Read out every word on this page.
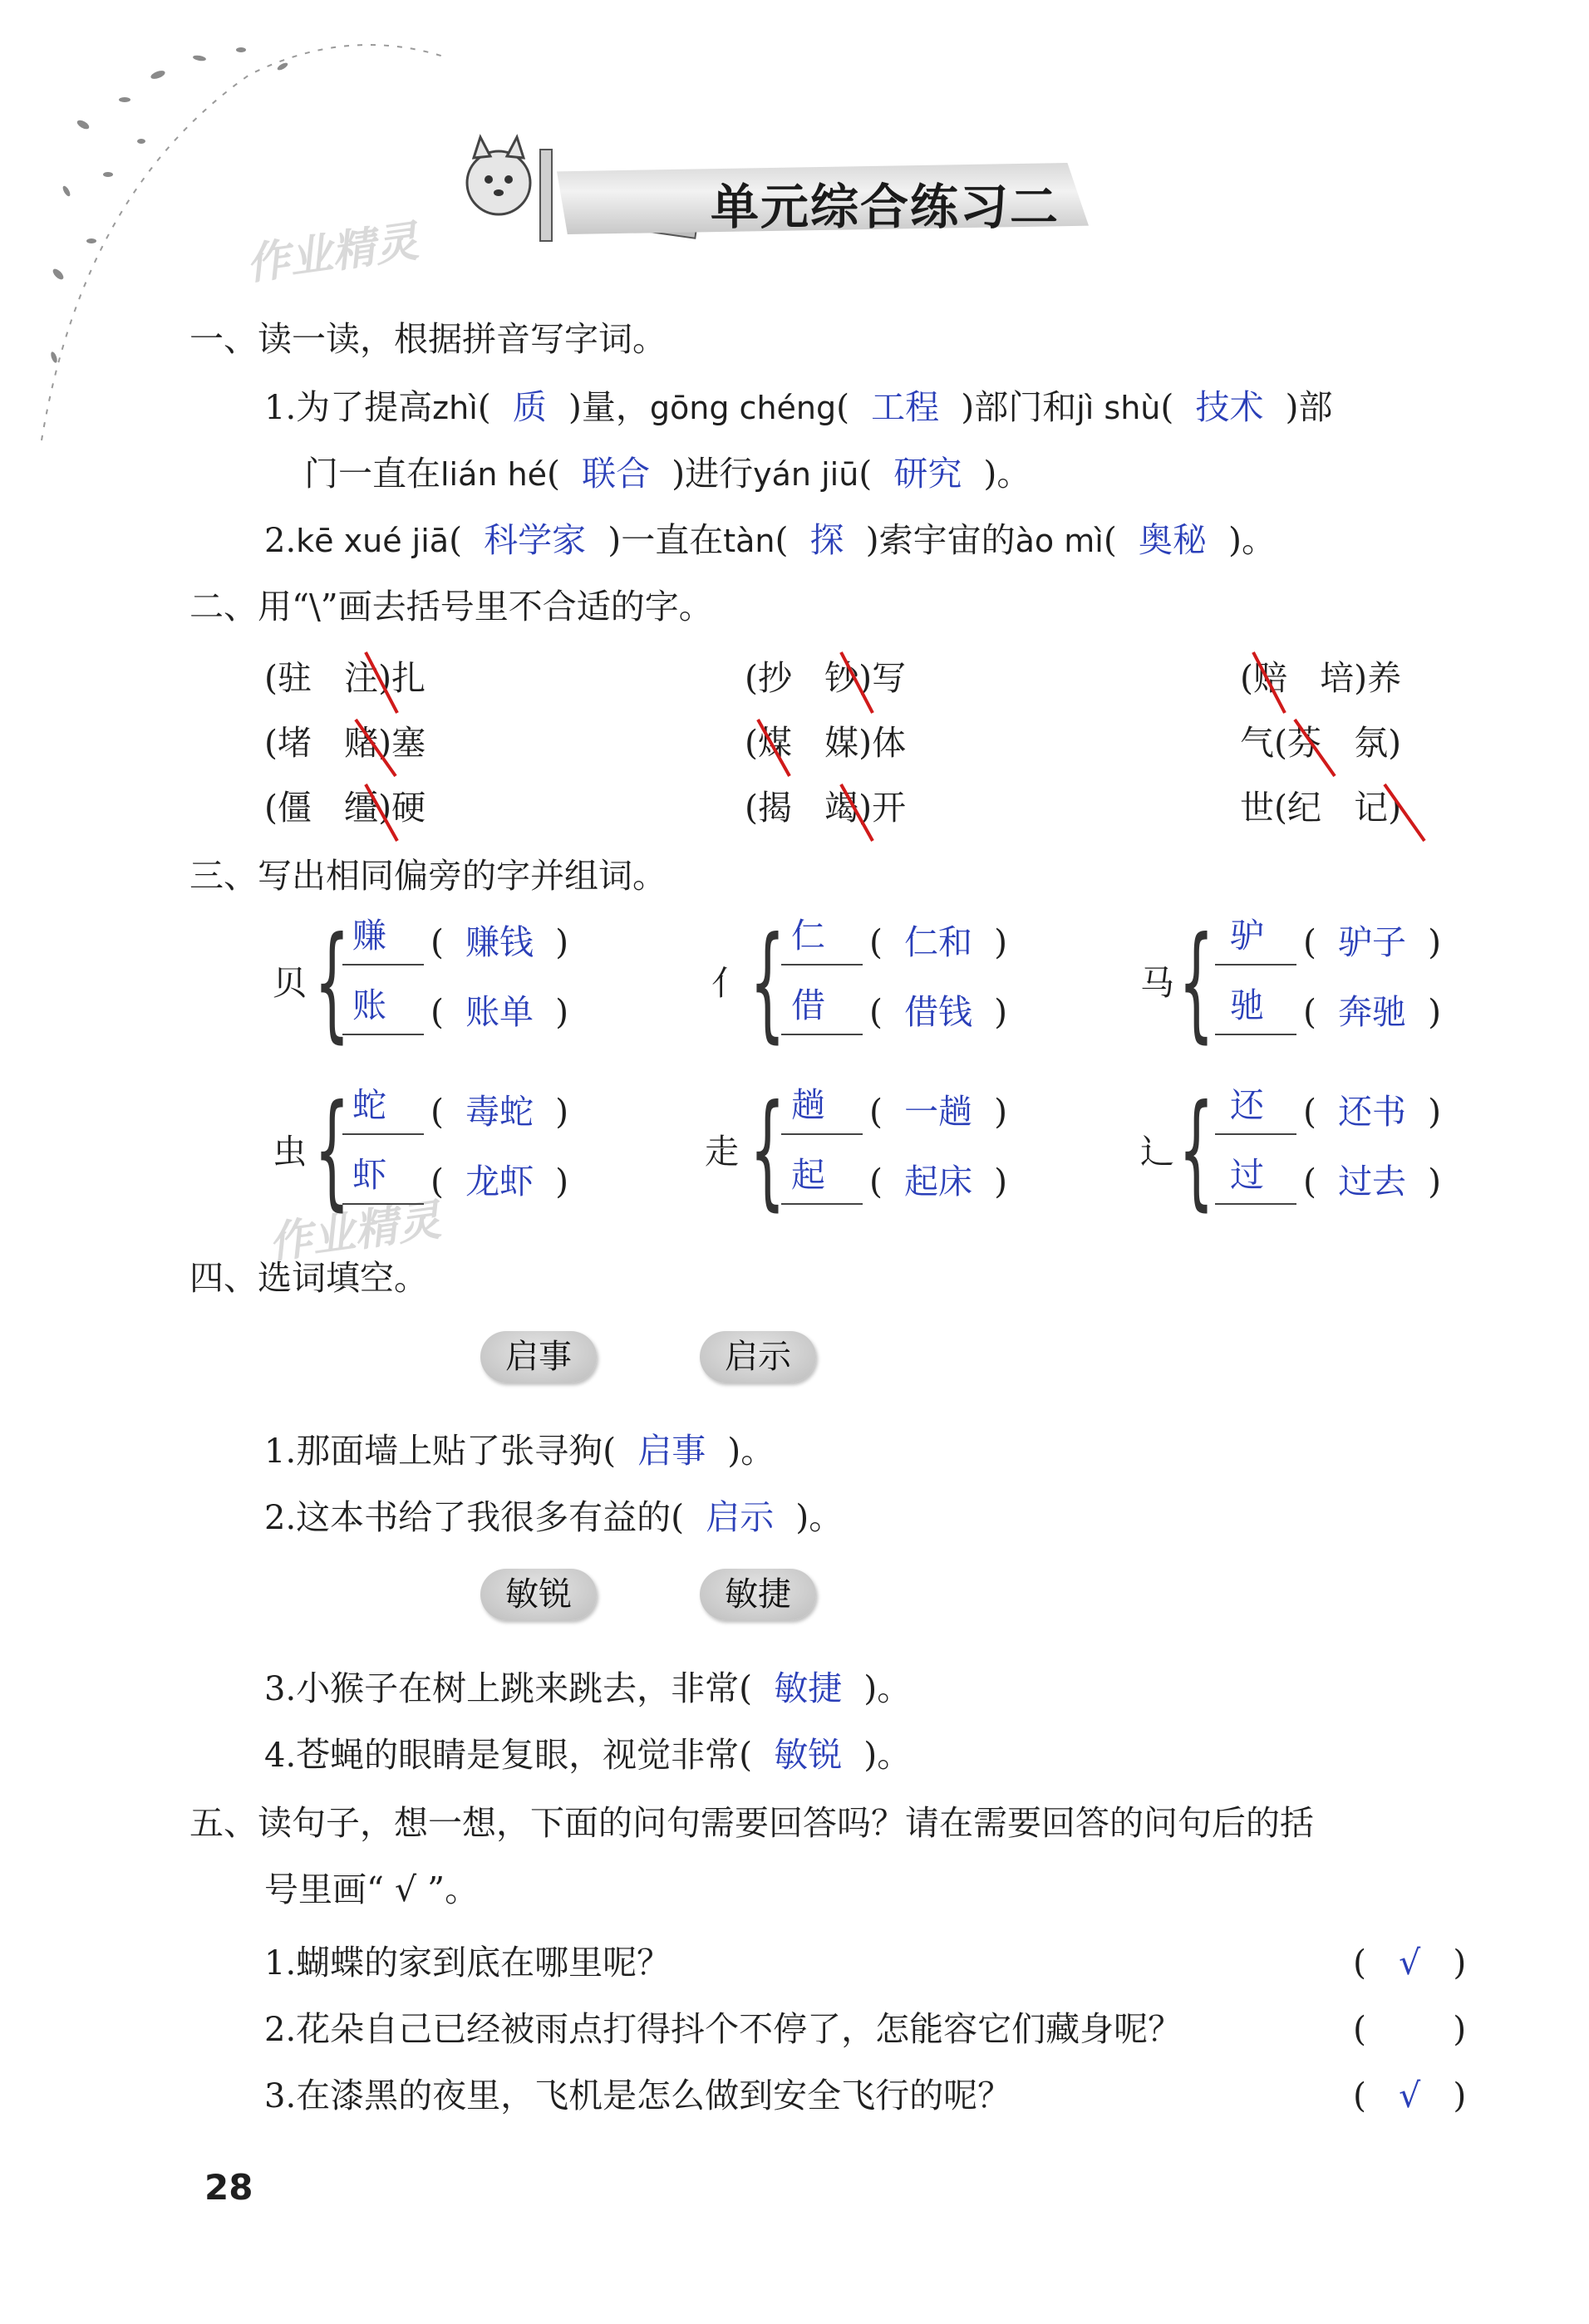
单元综合练习二
作业精灵
作业精灵
一、读一读，根据拼音写字词。
1.为了提高zhì(  质  )量，gōng chéng(  工程  )部门和jì shù(  技术  )部
门一直在lián hé(  联合  )进行yán jiū(  研究  )。
2.kē xué jiā(  科学家  )一直在tàn(  探  )索宇宙的ào mì(  奥秘  )。
二、用“\”画去括号里不合适的字。
(驻 注)扎	(抄 钞)写	(赔 培)养
(堵 赌)塞	(煤 媒)体	气(芬 氛)
(僵 缰)硬	(揭 竭)开	世(纪 记)
三、写出相同偏旁的字并组词。
贝 { 赚 (  赚钱  )
账 (  账单  )
亻 { 仁 (  仁和  )
借 (  借钱  )
马 { 驴 (  驴子  )
驰 (  奔驰  )
虫 { 蛇 (  毒蛇  )
虾 (  龙虾  )
走 { 趟 (  一趟  )
起 (  起床  )
辶 { 还 (  还书  )
过 (  过去  )
四、选词填空。
启事	启示
1.那面墙上贴了张寻狗(  启事  )。
2.这本书给了我很多有益的(  启示  )。
敏锐	敏捷
3.小猴子在树上跳来跳去，非常(  敏捷  )。
4.苍蝇的眼睛是复眼，视觉非常(  敏锐  )。
五、读句子，想一想，下面的问句需要回答吗？请在需要回答的问句后的括
号里画“ √ ”。
1.蝴蝶的家到底在哪里呢？	(   √   )
2.花朵自己已经被雨点打得抖个不停了，怎能容它们藏身呢？	(        )
3.在漆黑的夜里，飞机是怎么做到安全飞行的呢？	(   √   )
28
